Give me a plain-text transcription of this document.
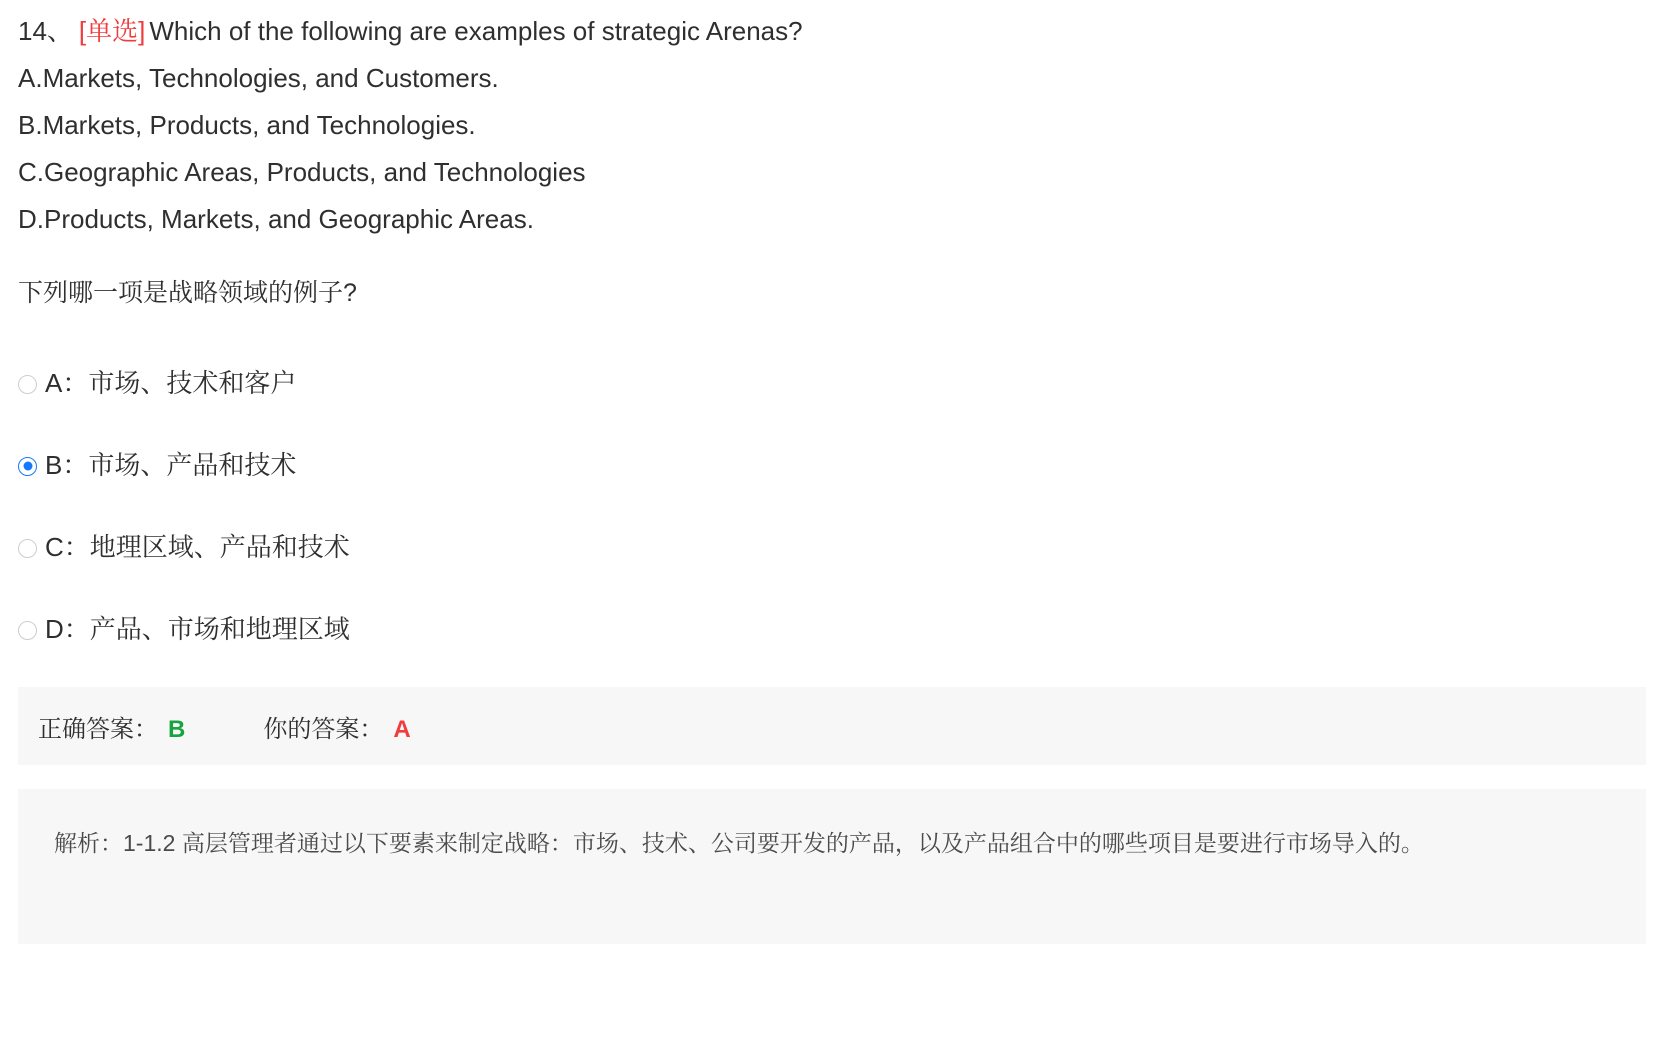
14、 [单选] Which of the following are examples of strategic Arenas?
A.Markets, Technologies, and Customers.
B.Markets, Products, and Technologies.
C.Geographic Areas, Products, and Technologies
D.Products, Markets, and Geographic Areas.
下列哪一项是战略领域的例子?
A：市场、技术和客户
B：市场、产品和技术
C：地理区域、产品和技术
D：产品、市场和地理区域
正确答案： B	你的答案： A
解析：1-1.2 高层管理者通过以下要素来制定战略：市场、技术、公司要开发的产品，以及产品组合中的哪些项目是要进行市场导入的。
